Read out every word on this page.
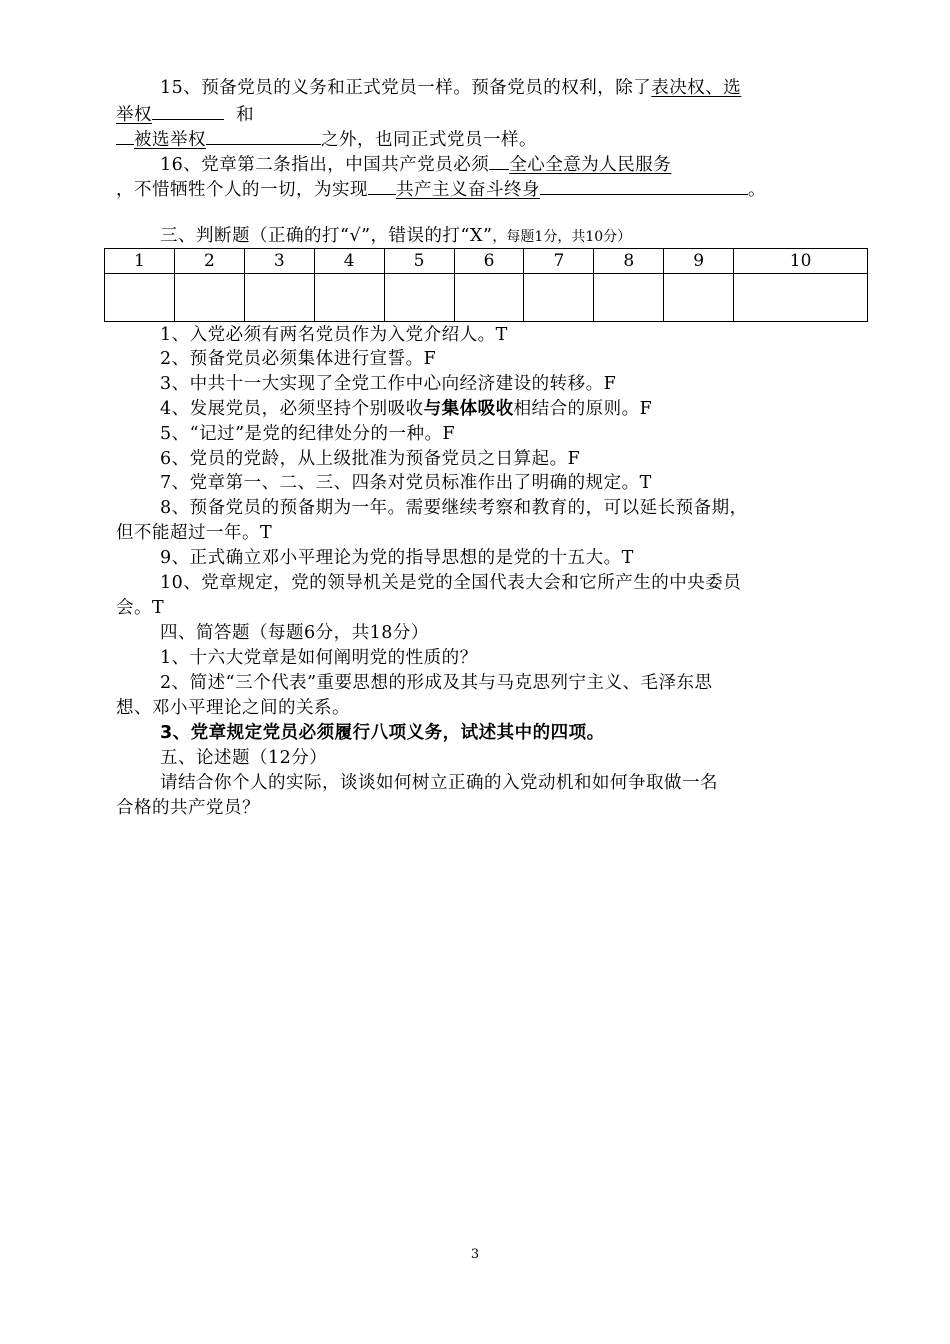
15、预备党员的义务和正式党员一样。预备党员的权利，除了表决权、选
举权	和
被选举权	之外，也同正式党员一样。
16、党章第二条指出，中国共产党员必须 全心全意为人民服务
，不惜牺牲个人的一切，为实现 共产主义奋斗终身	。
三、判断题（正确的打“√”，错误的打“X”，每题1分，共10分）
1	2	3	4	5	6	7	8	9	10

1、入党必须有两名党员作为入党介绍人。T
2、预备党员必须集体进行宣誓。F
3、中共十一大实现了全党工作中心向经济建设的转移。F
4、发展党员，必须坚持个别吸收与集体吸收相结合的原则。F
5、“记过”是党的纪律处分的一种。F
6、党员的党龄，从上级批准为预备党员之日算起。F
7、党章第一、二、三、四条对党员标准作出了明确的规定。T
8、预备党员的预备期为一年。需要继续考察和教育的，可以延长预备期，
但不能超过一年。T
9、正式确立邓小平理论为党的指导思想的是党的十五大。T
10、党章规定，党的领导机关是党的全国代表大会和它所产生的中央委员
会。T
四、简答题（每题6分，共18分）
1、十六大党章是如何阐明党的性质的？
2、简述“三个代表”重要思想的形成及其与马克思列宁主义、毛泽东思
想、邓小平理论之间的关系。
3、党章规定党员必须履行八项义务，试述其中的四项。
五、论述题（12分）
请结合你个人的实际，谈谈如何树立正确的入党动机和如何争取做一名
合格的共产党员？
3
